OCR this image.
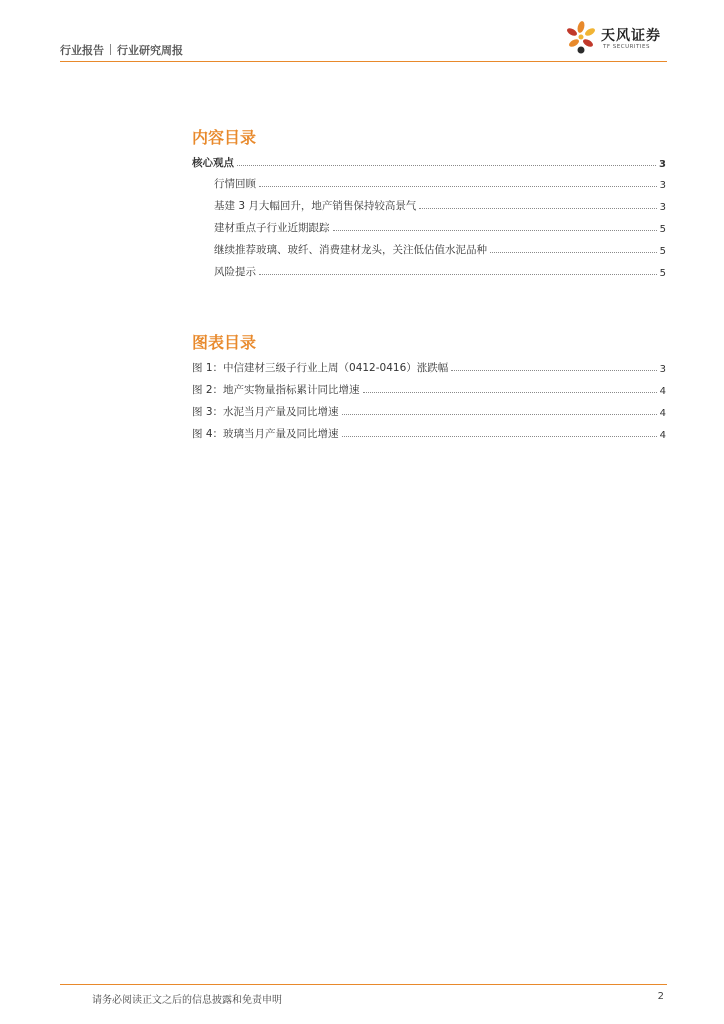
行业报告 行业研究周报
天风证券
TF SECURITIES
内容目录
核心观点	3
行情回顾	3
基建 3 月大幅回升，地产销售保持较高景气	3
建材重点子行业近期跟踪	5
继续推荐玻璃、玻纤、消费建材龙头，关注低估值水泥品种	5
风险提示	5
图表目录
图 1：中信建材三级子行业上周（0412-0416）涨跌幅	3
图 2：地产实物量指标累计同比增速	4
图 3：水泥当月产量及同比增速	4
图 4：玻璃当月产量及同比增速	4
请务必阅读正文之后的信息披露和免责申明	2
